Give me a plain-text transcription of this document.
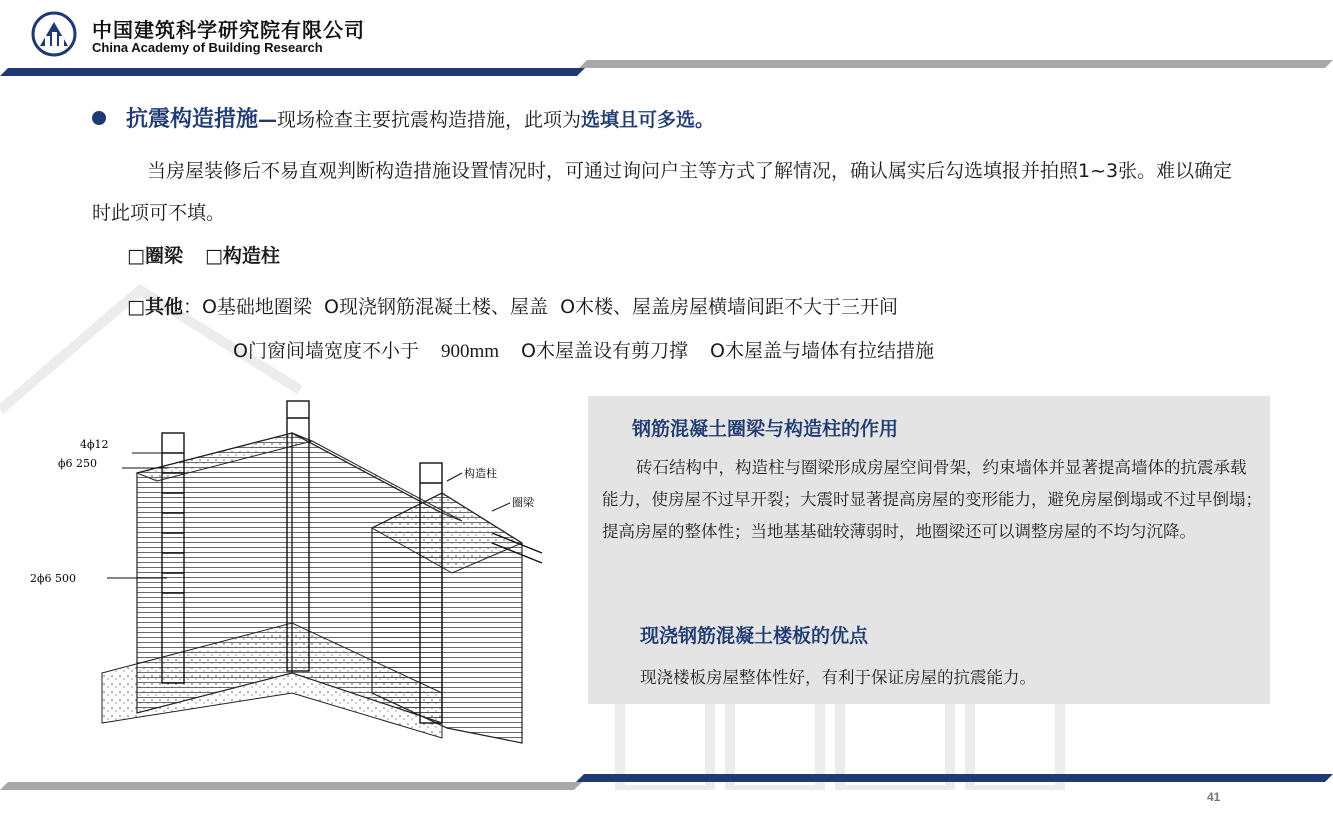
中国建筑科学研究院有限公司
China Academy of Building Research
抗震构造措施—现场检查主要抗震构造措施，此项为选填且可多选。
当房屋装修后不易直观判断构造措施设置情况时，可通过询问户主等方式了解情况，确认属实后勾选填报并拍照1~3张。难以确定时此项可不填。
□圈梁 □构造柱
□其他：O基础地圈梁 O现浇钢筋混凝土楼、屋盖 O木楼、屋盖房屋横墙间距不大于三开间
O门窗间墙宽度不小于 900mm O木屋盖设有剪刀撑 O木屋盖与墙体有拉结措施
4ϕ12
ϕ6 250
2ϕ6 500
构造柱
圈梁
钢筋混凝土圈梁与构造柱的作用
砖石结构中，构造柱与圈梁形成房屋空间骨架，约束墙体并显著提高墙体的抗震承载能力，使房屋不过早开裂；大震时显著提高房屋的变形能力，避免房屋倒塌或不过早倒塌；提高房屋的整体性；当地基基础较薄弱时，地圈梁还可以调整房屋的不均匀沉降。
现浇钢筋混凝土楼板的优点
现浇楼板房屋整体性好，有利于保证房屋的抗震能力。
41
